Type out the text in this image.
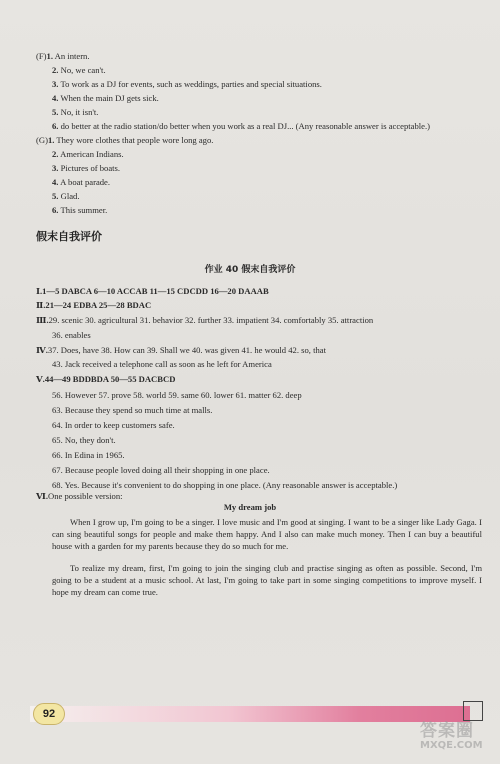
(F)1. An intern.
2. No, we can't.
3. To work as a DJ for events, such as weddings, parties and special situations.
4. When the main DJ gets sick.
5. No, it isn't.
6. do better at the radio station/do better when you work as a real DJ... (Any reasonable answer is acceptable.)
(G)1. They wore clothes that people wore long ago.
2. American Indians.
3. Pictures of boats.
4. A boat parade.
5. Glad.
6. This summer.
假末自我评价
作业 40 假末自我评价
Ⅰ.1—5 DABCA 6—10 ACCAB 11—15 CDCDD 16—20 DAAAB
Ⅱ.21—24 EDBA 25—28 BDAC
Ⅲ.29. scenic 30. agricultural 31. behavior 32. further 33. impatient 34. comfortably 35. attraction
36. enables
Ⅳ.37. Does, have 38. How can 39. Shall we 40. was given 41. he would 42. so, that
43. Jack received a telephone call as soon as he left for America
Ⅴ.44—49 BDDBDA 50—55 DACBCD
56. However 57. prove 58. world 59. same 60. lower 61. matter 62. deep
63. Because they spend so much time at malls.
64. In order to keep customers safe.
65. No, they don't.
66. In Edina in 1965.
67. Because people loved doing all their shopping in one place.
68. Yes. Because it's convenient to do shopping in one place. (Any reasonable answer is acceptable.)
Ⅵ.One possible version:
My dream job
When I grow up, I'm going to be a singer. I love music and I'm good at singing. I want to be a singer like Lady Gaga. I can sing beautiful songs for people and make them happy. And I also can make much money. Then I can buy a beautiful house with a garden for my parents because they do so much for me.
To realize my dream, first, I'm going to join the singing club and practise singing as often as possible. Second, I'm going to be a student at a music school. At last, I'm going to take part in some singing competitions to improve myself. I hope my dream can come true.
92
答案圈
MXQE.COM
